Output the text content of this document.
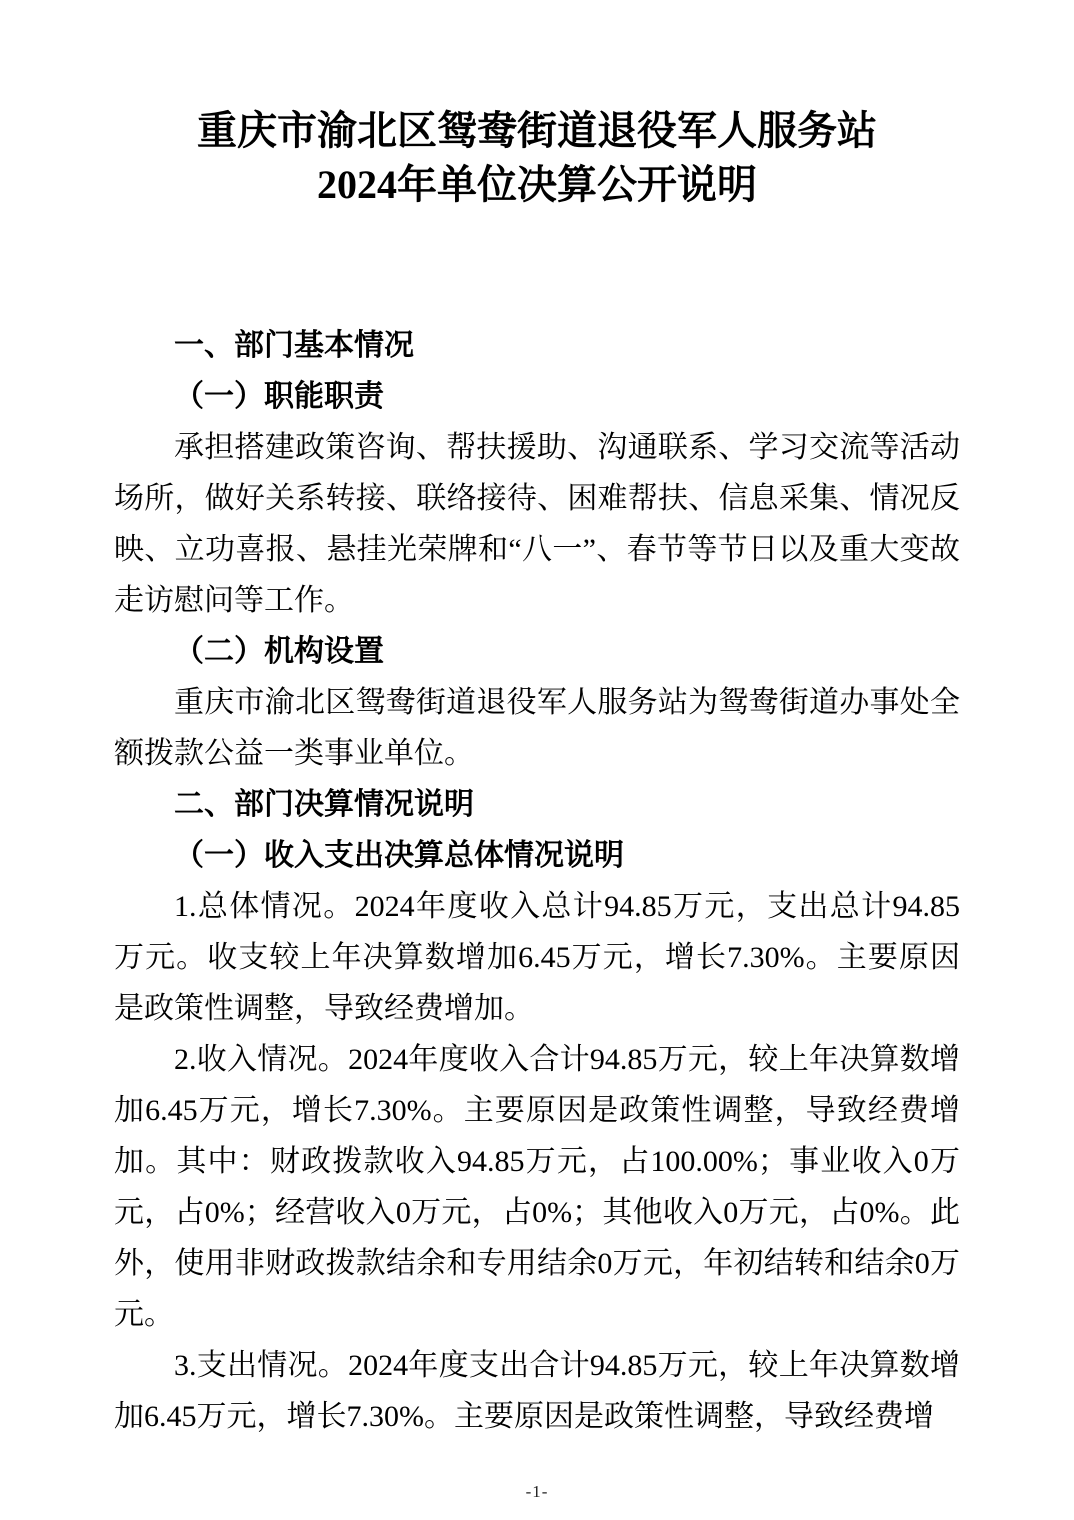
重庆市渝北区鸳鸯街道退役军人服务站
2024年单位决算公开说明

一、部门基本情况

（一）职能职责

承担搭建政策咨询、帮扶援助、沟通联系、学习交流等活动场所，做好关系转接、联络接待、困难帮扶、信息采集、情况反映、立功喜报、悬挂光荣牌和“八一”、春节等节日以及重大变故走访慰问等工作。

（二）机构设置

重庆市渝北区鸳鸯街道退役军人服务站为鸳鸯街道办事处全额拨款公益一类事业单位。

二、部门决算情况说明

（一）收入支出决算总体情况说明

1.总体情况。2024年度收入总计94.85万元，支出总计94.85万元。收支较上年决算数增加6.45万元，增长7.30%。主要原因是政策性调整，导致经费增加。

2.收入情况。2024年度收入合计94.85万元，较上年决算数增加6.45万元，增长7.30%。主要原因是政策性调整，导致经费增加。其中：财政拨款收入94.85万元，占100.00%；事业收入0万元，占0%；经营收入0万元，占0%；其他收入0万元，占0%。此外，使用非财政拨款结余和专用结余0万元，年初结转和结余0万元。

3.支出情况。2024年度支出合计94.85万元，较上年决算数增加6.45万元，增长7.30%。主要原因是政策性调整，导致经费增

-1-
